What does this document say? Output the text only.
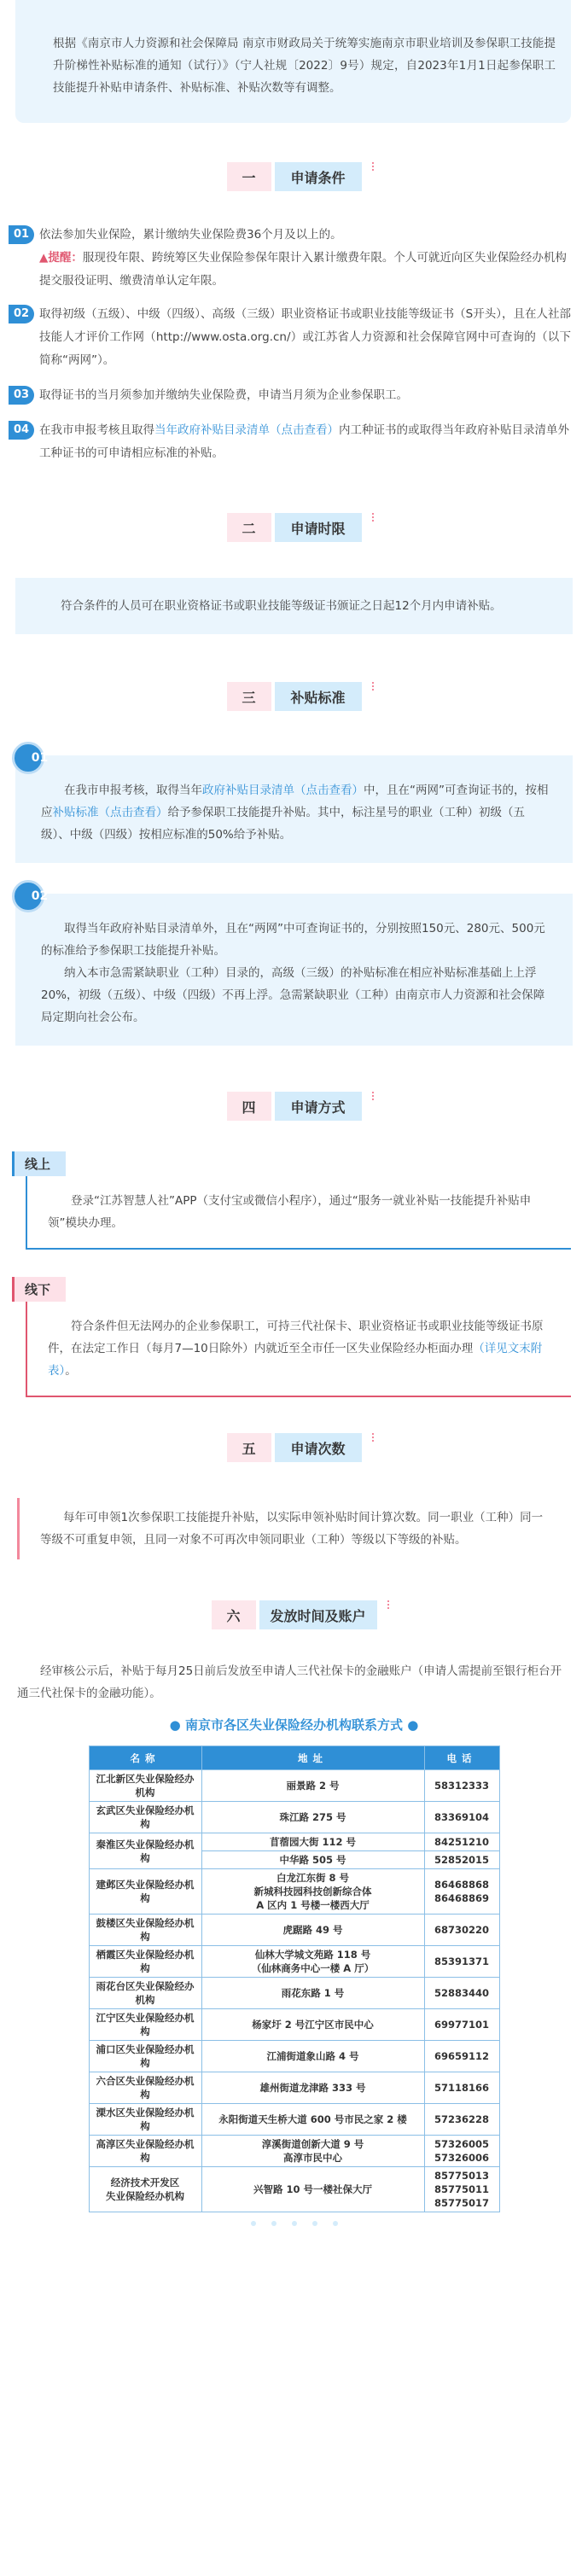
根据《南京市人力资源和社会保障局 南京市财政局关于统筹实施南京市职业培训及参保职工技能提升阶梯性补贴标准的通知（试行）》（宁人社规〔2022〕9号）规定，自2023年1月1日起参保职工技能提升补贴申请条件、补贴标准、补贴次数等有调整。

一	申请条件
01 依法参加失业保险，累计缴纳失业保险费36个月及以上的。

▲提醒：服现役年限、跨统筹区失业保险参保年限计入累计缴费年限。个人可就近向区失业保险经办机构提交服役证明、缴费清单认定年限。

02 取得初级（五级）、中级（四级）、高级（三级）职业资格证书或职业技能等级证书（S开头），且在人社部技能人才评价工作网（http://www.osta.org.cn/）或江苏省人力资源和社会保障官网中可查询的（以下简称“两网”）。

03 取得证书的当月须参加并缴纳失业保险费，申请当月须为企业参保职工。

04 在我市申报考核且取得当年政府补贴目录清单（点击查看）内工种证书的或取得当年政府补贴目录清单外工种证书的可申请相应标准的补贴。

二	申请时限

符合条件的人员可在职业资格证书或职业技能等级证书颁证之日起12个月内申请补贴。

三	补贴标准
01

在我市申报考核，取得当年政府补贴目录清单（点击查看）中，且在“两网”可查询证书的，按相应补贴标准（点击查看）给予参保职工技能提升补贴。其中，标注星号的职业（工种）初级（五级）、中级（四级）按相应标准的50%给予补贴。

02

取得当年政府补贴目录清单外，且在“两网”中可查询证书的，分别按照150元、280元、500元的标准给予参保职工技能提升补贴。

纳入本市急需紧缺职业（工种）目录的，高级（三级）的补贴标准在相应补贴标准基础上上浮20%，初级（五级）、中级（四级）不再上浮。急需紧缺职业（工种）由南京市人力资源和社会保障局定期向社会公布。

四	申请方式
线上

登录“江苏智慧人社”APP（支付宝或微信小程序），通过“服务一就业补贴一技能提升补贴申领”模块办理。

线下

符合条件但无法网办的企业参保职工，可持三代社保卡、职业资格证书或职业技能等级证书原件，在法定工作日（每月7—10日除外）内就近至全市任一区失业保险经办柜面办理（详见文末附表）。

五	申请次数

每年可申领1次参保职工技能提升补贴，以实际申领补贴时间计算次数。同一职业（工种）同一等级不可重复申领，且同一对象不可再次申领同职业（工种）等级以下等级的补贴。

六	发放时间及账户

经审核公示后，补贴于每月25日前后发放至申请人三代社保卡的金融账户（申请人需提前至银行柜台开通三代社保卡的金融功能）。

● 南京市各区失业保险经办机构联系方式 ●
名称	地址	电话
江北新区失业保险经办机构	丽景路 2 号	58312333
玄武区失业保险经办机构	珠江路 275 号	83369104
秦淮区失业保险经办机构	苜蓿园大街 112 号	84251210
	中华路 505 号	52852015
建邺区失业保险经办机构	白龙江东街 8 号
新城科技园科技创新综合体
A 区内 1 号楼一楼西大厅	86468868
86468869
鼓楼区失业保险经办机构	虎踞路 49 号	68730220
栖霞区失业保险经办机构	仙林大学城文苑路 118 号
（仙林商务中心一楼 A 厅）	85391371
雨花台区失业保险经办机构	雨花东路 1 号	52883440
江宁区失业保险经办机构	杨家圩 2 号江宁区市民中心	69977101
浦口区失业保险经办机构	江浦街道象山路 4 号	69659112
六合区失业保险经办机构	雄州街道龙津路 333 号	57118166
溧水区失业保险经办机构	永阳街道天生桥大道 600 号市民之家 2 楼	57236228
高淳区失业保险经办机构	淳溪街道创新大道 9 号
高淳市民中心	57326005
57326006
经济技术开发区
失业保险经办机构	兴智路 10 号一楼社保大厅	85775013
85775011
85775017
